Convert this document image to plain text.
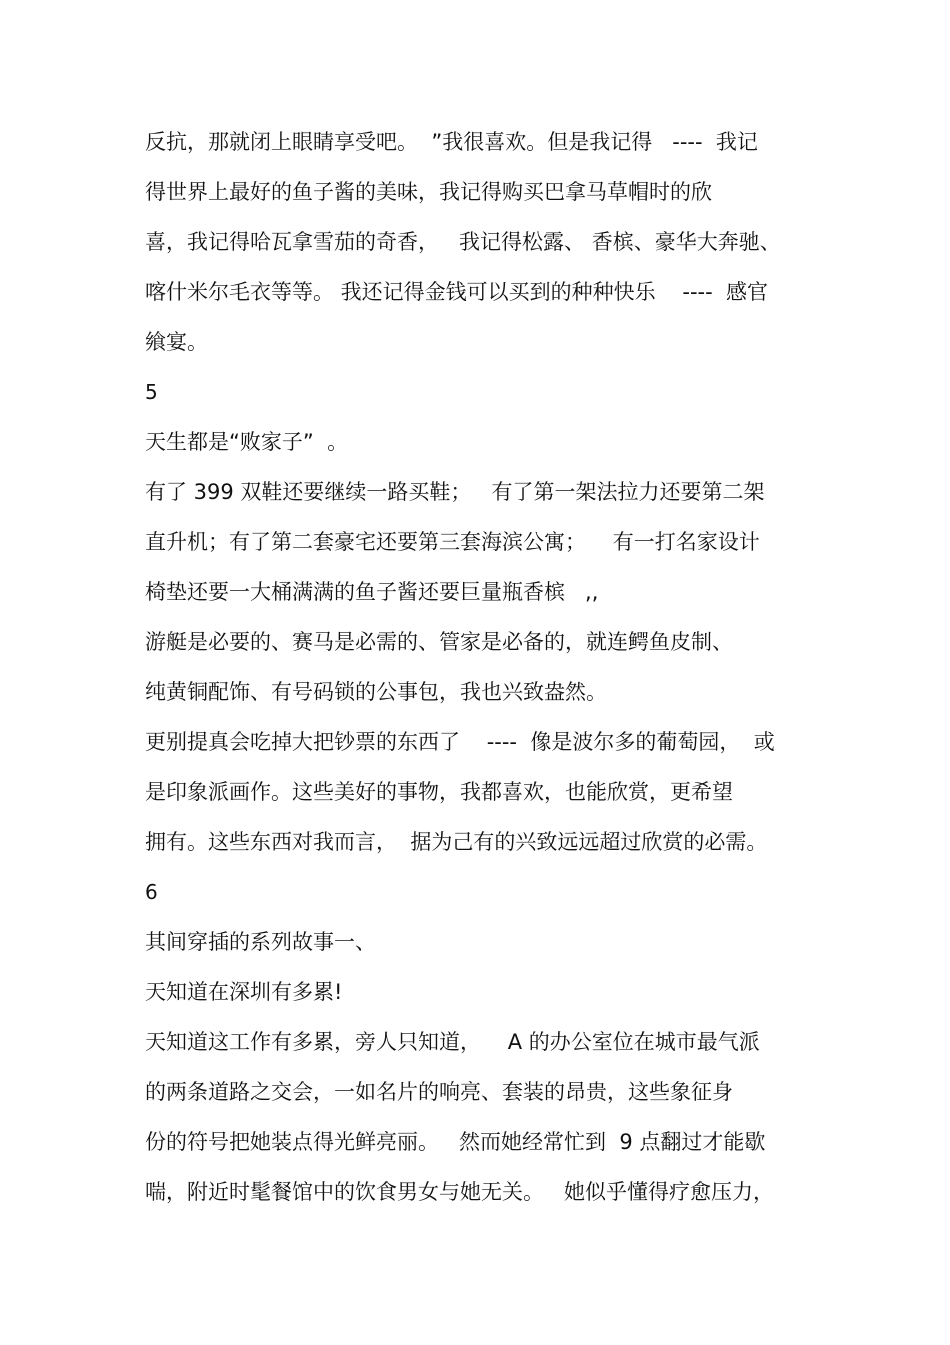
反抗，那就闭上眼睛享受吧。  ”我很喜欢。但是我记得   ----  我记
得世界上最好的鱼子酱的美味，我记得购买巴拿马草帽时的欣
喜，我记得哈瓦拿雪茄的奇香，   我记得松露、 香槟、豪华大奔驰、
喀什米尔毛衣等等。 我还记得金钱可以买到的种种快乐    ----  感官
飨宴。
5
天生都是“败家子”  。
有了 399 双鞋还要继续一路买鞋；   有了第一架法拉力还要第二架
直升机；有了第二套豪宅还要第三套海滨公寓；    有一打名家设计
椅垫还要一大桶满满的鱼子酱还要巨量瓶香槟   ,,
游艇是必要的、赛马是必需的、管家是必备的，就连鳄鱼皮制、
纯黄铜配饰、有号码锁的公事包，我也兴致盎然。
更别提真会吃掉大把钞票的东西了    ----  像是波尔多的葡萄园，  或
是印象派画作。这些美好的事物，我都喜欢，也能欣赏，更希望
拥有。这些东西对我而言，  据为己有的兴致远远超过欣赏的必需。
6
其间穿插的系列故事一、
天知道在深圳有多累!
天知道这工作有多累，旁人只知道，    A 的办公室位在城市最气派
的两条道路之交会，一如名片的响亮、套装的昂贵，这些象征身
份的符号把她装点得光鲜亮丽。   然而她经常忙到  9 点翻过才能歇
喘，附近时髦餐馆中的饮食男女与她无关。   她似乎懂得疗愈压力，
